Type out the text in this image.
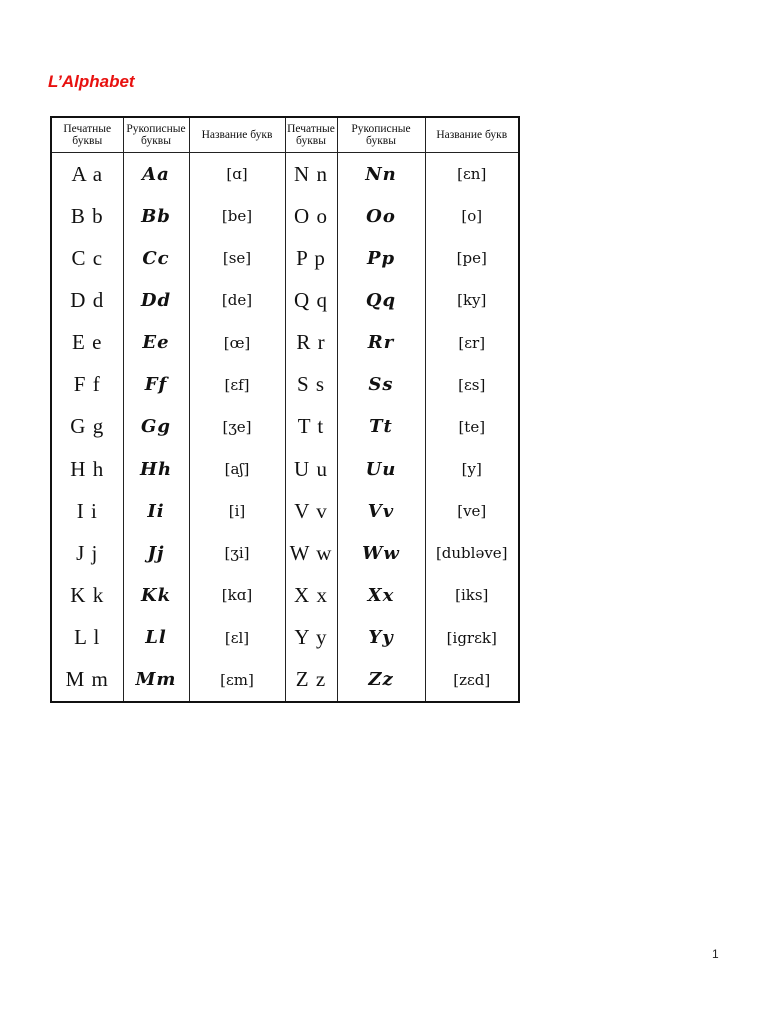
L’Alphabet
Печатные буквы	Рукописные буквы	Название букв	Печатные буквы	Рукописные буквы	Название букв
A a	Aa	[ɑ]	N n	Nn	[ɛn]
B b	Bb	[be]	O o	Oo	[o]
C c	Cc	[se]	P p	Pp	[pe]
D d	Dd	[de]	Q q	Qq	[ky]
E e	Ee	[œ]	R r	Rr	[ɛr]
F f	Ff	[ɛf]	S s	Ss	[ɛs]
G g	Gg	[ʒe]	T t	Tt	[te]
H h	Hh	[aʃ]	U u	Uu	[y]
I i	Ii	[i]	V v	Vv	[ve]
J j	Jj	[ʒi]	W w	Ww	[dubləve]
K k	Kk	[kɑ]	X x	Xx	[iks]
L l	Ll	[ɛl]	Y y	Yy	[igrɛk]
M m	Mm	[ɛm]	Z z	Zz	[zɛd]
1
